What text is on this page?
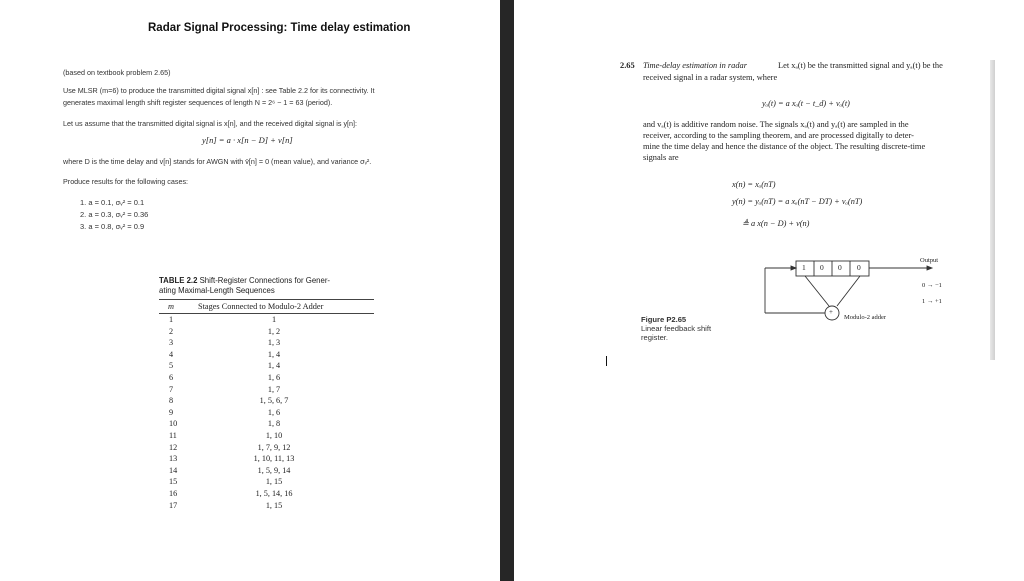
Radar Signal Processing: Time delay estimation
(based on textbook problem 2.65)
Use MLSR (m=6) to produce the transmitted digital signal x[n] : see Table 2.2 for its connectivity. It
generates maximal length shift register sequences of length N = 2⁶ − 1 = 63 (period).
Let us assume that the transmitted digital signal is x[n], and the received digital signal is y[n]:
y[n] = a · x[n − D] + v[n]
where D is the time delay and v[n] stands for AWGN with v̄[n] = 0 (mean value), and variance σᵥ².
Produce results for the following cases:
1. a = 0.1, σᵥ² = 0.1
2. a = 0.3, σᵥ² = 0.36
3. a = 0.8, σᵥ² = 0.9
TABLE 2.2 Shift-Register Connections for Gener-
ating Maximal-Length Sequences
m	Stages Connected to Modulo-2 Adder
1	1
2	1, 2
3	1, 3
4	1, 4
5	1, 4
6	1, 6
7	1, 7
8	1, 5, 6, 7
9	1, 6
10	1, 8
11	1, 10
12	1, 7, 9, 12
13	1, 10, 11, 13
14	1, 5, 9, 14
15	1, 15
16	1, 5, 14, 16
17	1, 15
2.65 Time-delay estimation in radar	Let xₐ(t) be the transmitted signal and yₐ(t) be the
received signal in a radar system, where
yₐ(t) = a xₐ(t − t_d) + vₐ(t)
and vₐ(t) is additive random noise. The signals xₐ(t) and yₐ(t) are sampled in the
receiver, according to the sampling theorem, and are processed digitally to deter-
mine the time delay and hence the distance of the object. The resulting discrete-time
signals are
x(n) = xₐ(nT)
y(n) = yₐ(nT) = a xₐ(nT − DT) + vₐ(nT)
≜ a x(n − D) + v(n)
1 0 0 0
+
Modulo-2 adder
Output
0 → −1
1 → +1
Figure P2.65
Linear feedback shift
register.
